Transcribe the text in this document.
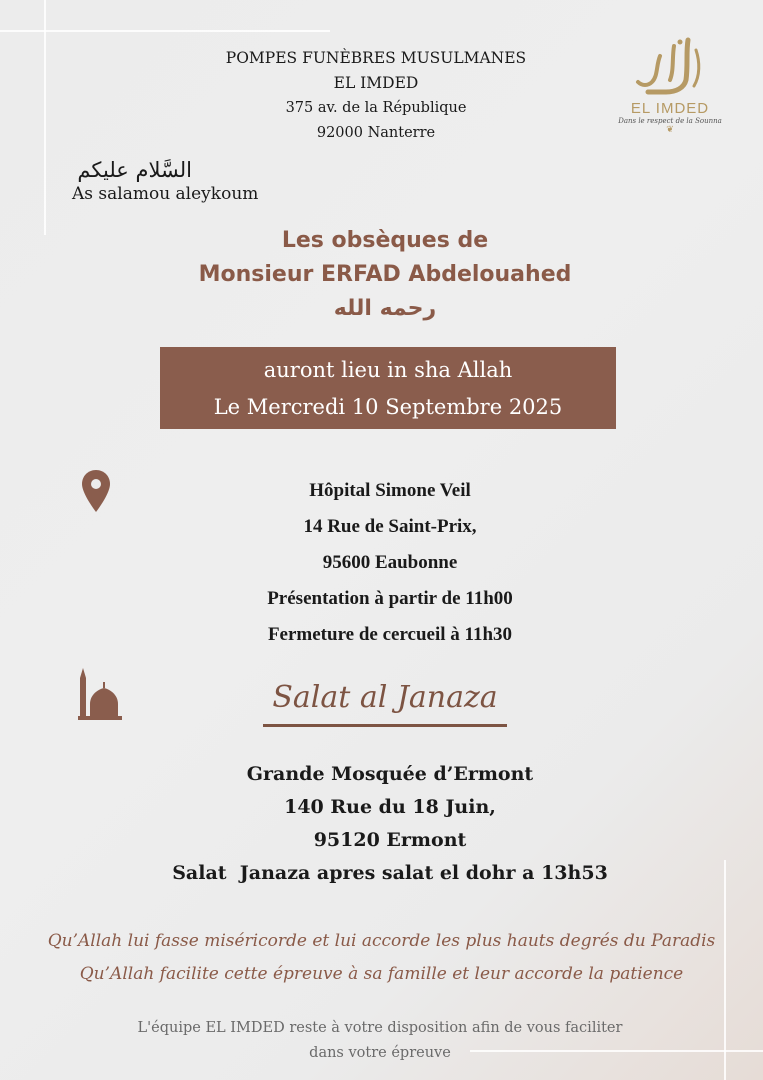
POMPES FUNÈBRES MUSULMANES
EL IMDED
375 av. de la République
92000 Nanterre
EL IMDED
Dans le respect de la Sounna
❦
السَّلام عليكم
As salamou aleykoum
Les obsèques de
Monsieur ERFAD Abdelouahed
رحمه الله
auront lieu in sha Allah
Le Mercredi 10 Septembre 2025
Hôpital Simone Veil
14 Rue de Saint-Prix,
95600 Eaubonne
Présentation à partir de 11h00
Fermeture de cercueil à 11h30
Salat al Janaza
Grande Mosquée d’Ermont
140 Rue du 18 Juin,
95120 Ermont
Salat  Janaza apres salat el dohr a 13h53
Qu’Allah lui fasse miséricorde et lui accorde les plus hauts degrés du Paradis
Qu’Allah facilite cette épreuve à sa famille et leur accorde la patience
L'équipe EL IMDED reste à votre disposition afin de vous faciliter
dans votre épreuve
